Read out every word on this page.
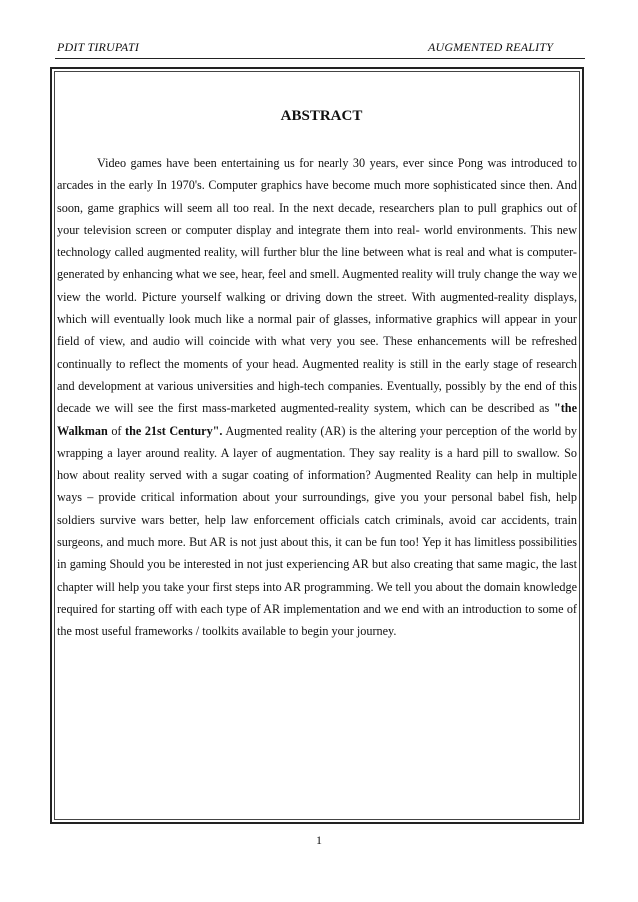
PDIT TIRUPATI	AUGMENTED REALITY
ABSTRACT

Video games have been entertaining us for nearly 30 years, ever since Pong was introduced to arcades in the early In 1970's. Computer graphics have become much more sophisticated since then. And soon, game graphics will seem all too real. In the next decade, researchers plan to pull graphics out of your television screen or computer display and integrate them into real- world environments. This new technology called augmented reality, will further blur the line between what is real and what is computer-generated by enhancing what we see, hear, feel and smell. Augmented reality will truly change the way we view the world. Picture yourself walking or driving down the street. With augmented-reality displays, which will eventually look much like a normal pair of glasses, informative graphics will appear in your field of view, and audio will coincide with what very you see. These enhancements will be refreshed continually to reflect the moments of your head. Augmented reality is still in the early stage of research and development at various universities and high-tech companies. Eventually, possibly by the end of this decade we will see the first mass-marketed augmented-reality system, which can be described as "the Walkman of the 21st Century". Augmented reality (AR) is the altering your perception of the world by wrapping a layer around reality. A layer of augmentation. They say reality is a hard pill to swallow. So how about reality served with a sugar coating of information? Augmented Reality can help in multiple ways – provide critical information about your surroundings, give you your personal babel fish, help soldiers survive wars better, help law enforcement officials catch criminals, avoid car accidents, train surgeons, and much more. But AR is not just about this, it can be fun too! Yep it has limitless possibilities in gaming Should you be interested in not just experiencing AR but also creating that same magic, the last chapter will help you take your first steps into AR programming. We tell you about the domain knowledge required for starting off with each type of AR implementation and we end with an introduction to some of the most useful frameworks / toolkits available to begin your journey.

1
